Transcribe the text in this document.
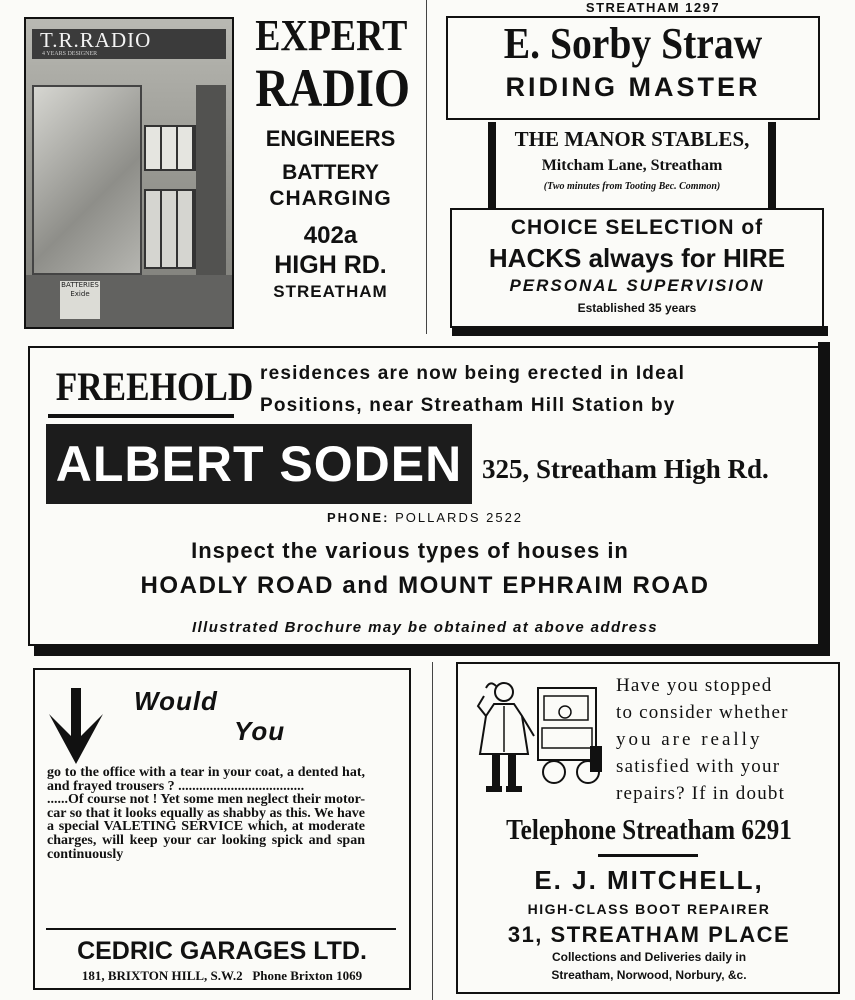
T.R.RADIO
4 YEARS DESIGNER
BATTERIES Exide
EXPERT
RADIO
ENGINEERS
BATTERY
CHARGING
402a
HIGH RD.
STREATHAM
STREATHAM 1297
E. Sorby Straw
RIDING MASTER
THE MANOR STABLES,
Mitcham Lane, Streatham
(Two minutes from Tooting Bec. Common)
CHOICE SELECTION of
HACKS always for HIRE
PERSONAL SUPERVISION
Established 35 years
FREEHOLD residences are now being erected in Ideal
Positions, near Streatham Hill Station by
ALBERT SODEN 325, Streatham High Rd.
PHONE: POLLARDS 2522
Inspect the various types of houses in
HOADLY ROAD and MOUNT EPHRAIM ROAD
Illustrated Brochure may be obtained at above address
Would
You
go to the office with a tear in your coat, a dented hat, and frayed trousers ? ....................................
......Of course not ! Yet some men neglect their motor-car so that it looks equally as shabby as this. We have a special VALETING SERVICE which, at moderate charges, will keep your car looking spick and span continuously
CEDRIC GARAGES LTD.
181, BRIXTON HILL, S.W.2 Phone Brixton 1069
Have you stopped
to consider whether
you are really
satisfied with your
repairs? If in doubt
Telephone Streatham 6291
E. J. MITCHELL,
HIGH-CLASS BOOT REPAIRER
31, STREATHAM PLACE
Collections and Deliveries daily in
Streatham, Norwood, Norbury, &c.
